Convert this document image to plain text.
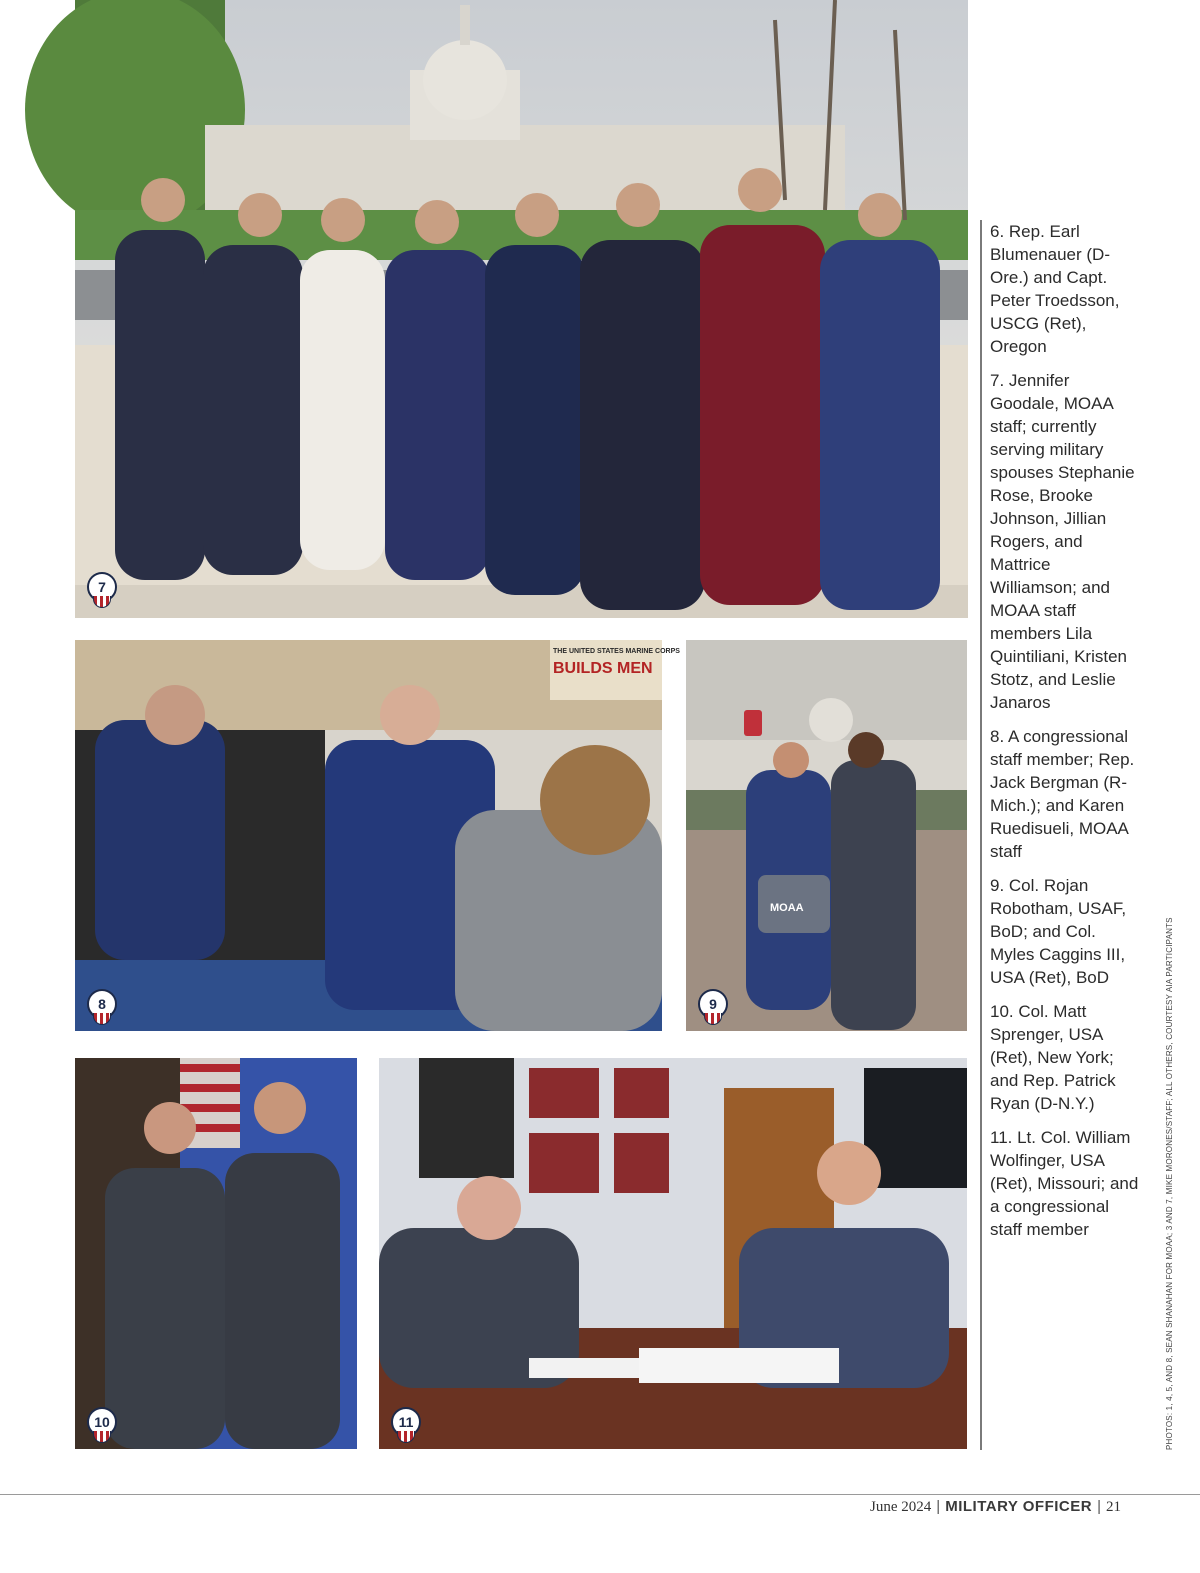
7
THE UNITED STATES MARINE CORPS
BUILDS MEN
8
MOAA
9
10	11

6. Rep. Earl Blumenauer (D-Ore.) and Capt. Peter Troedsson, USCG (Ret), Oregon

7. Jennifer Goodale, MOAA staff; currently serving military spouses Stephanie Rose, Brooke Johnson, Jillian Rogers, and Mattrice Williamson; and MOAA staff members Lila Quintiliani, Kristen Stotz, and Leslie Janaros

8. A congressional staff member; Rep. Jack Bergman (R-Mich.); and Karen Ruedisueli, MOAA staff

9. Col. Rojan Robotham, USAF, BoD; and Col. Myles Caggins III, USA (Ret), BoD

10. Col. Matt Sprenger, USA (Ret), New York; and Rep. Patrick Ryan (D-N.Y.)

11. Lt. Col. William Wolfinger, USA (Ret), Missouri; and a congressional staff member	PHOTOS: 1, 4, 5, AND 8, SEAN SHANAHAN FOR MOAA; 3 AND 7, MIKE MORONES/STAFF; ALL OTHERS, COURTESY AIA PARTICIPANTS
June 2024 | MILITARY OFFICER | 21
